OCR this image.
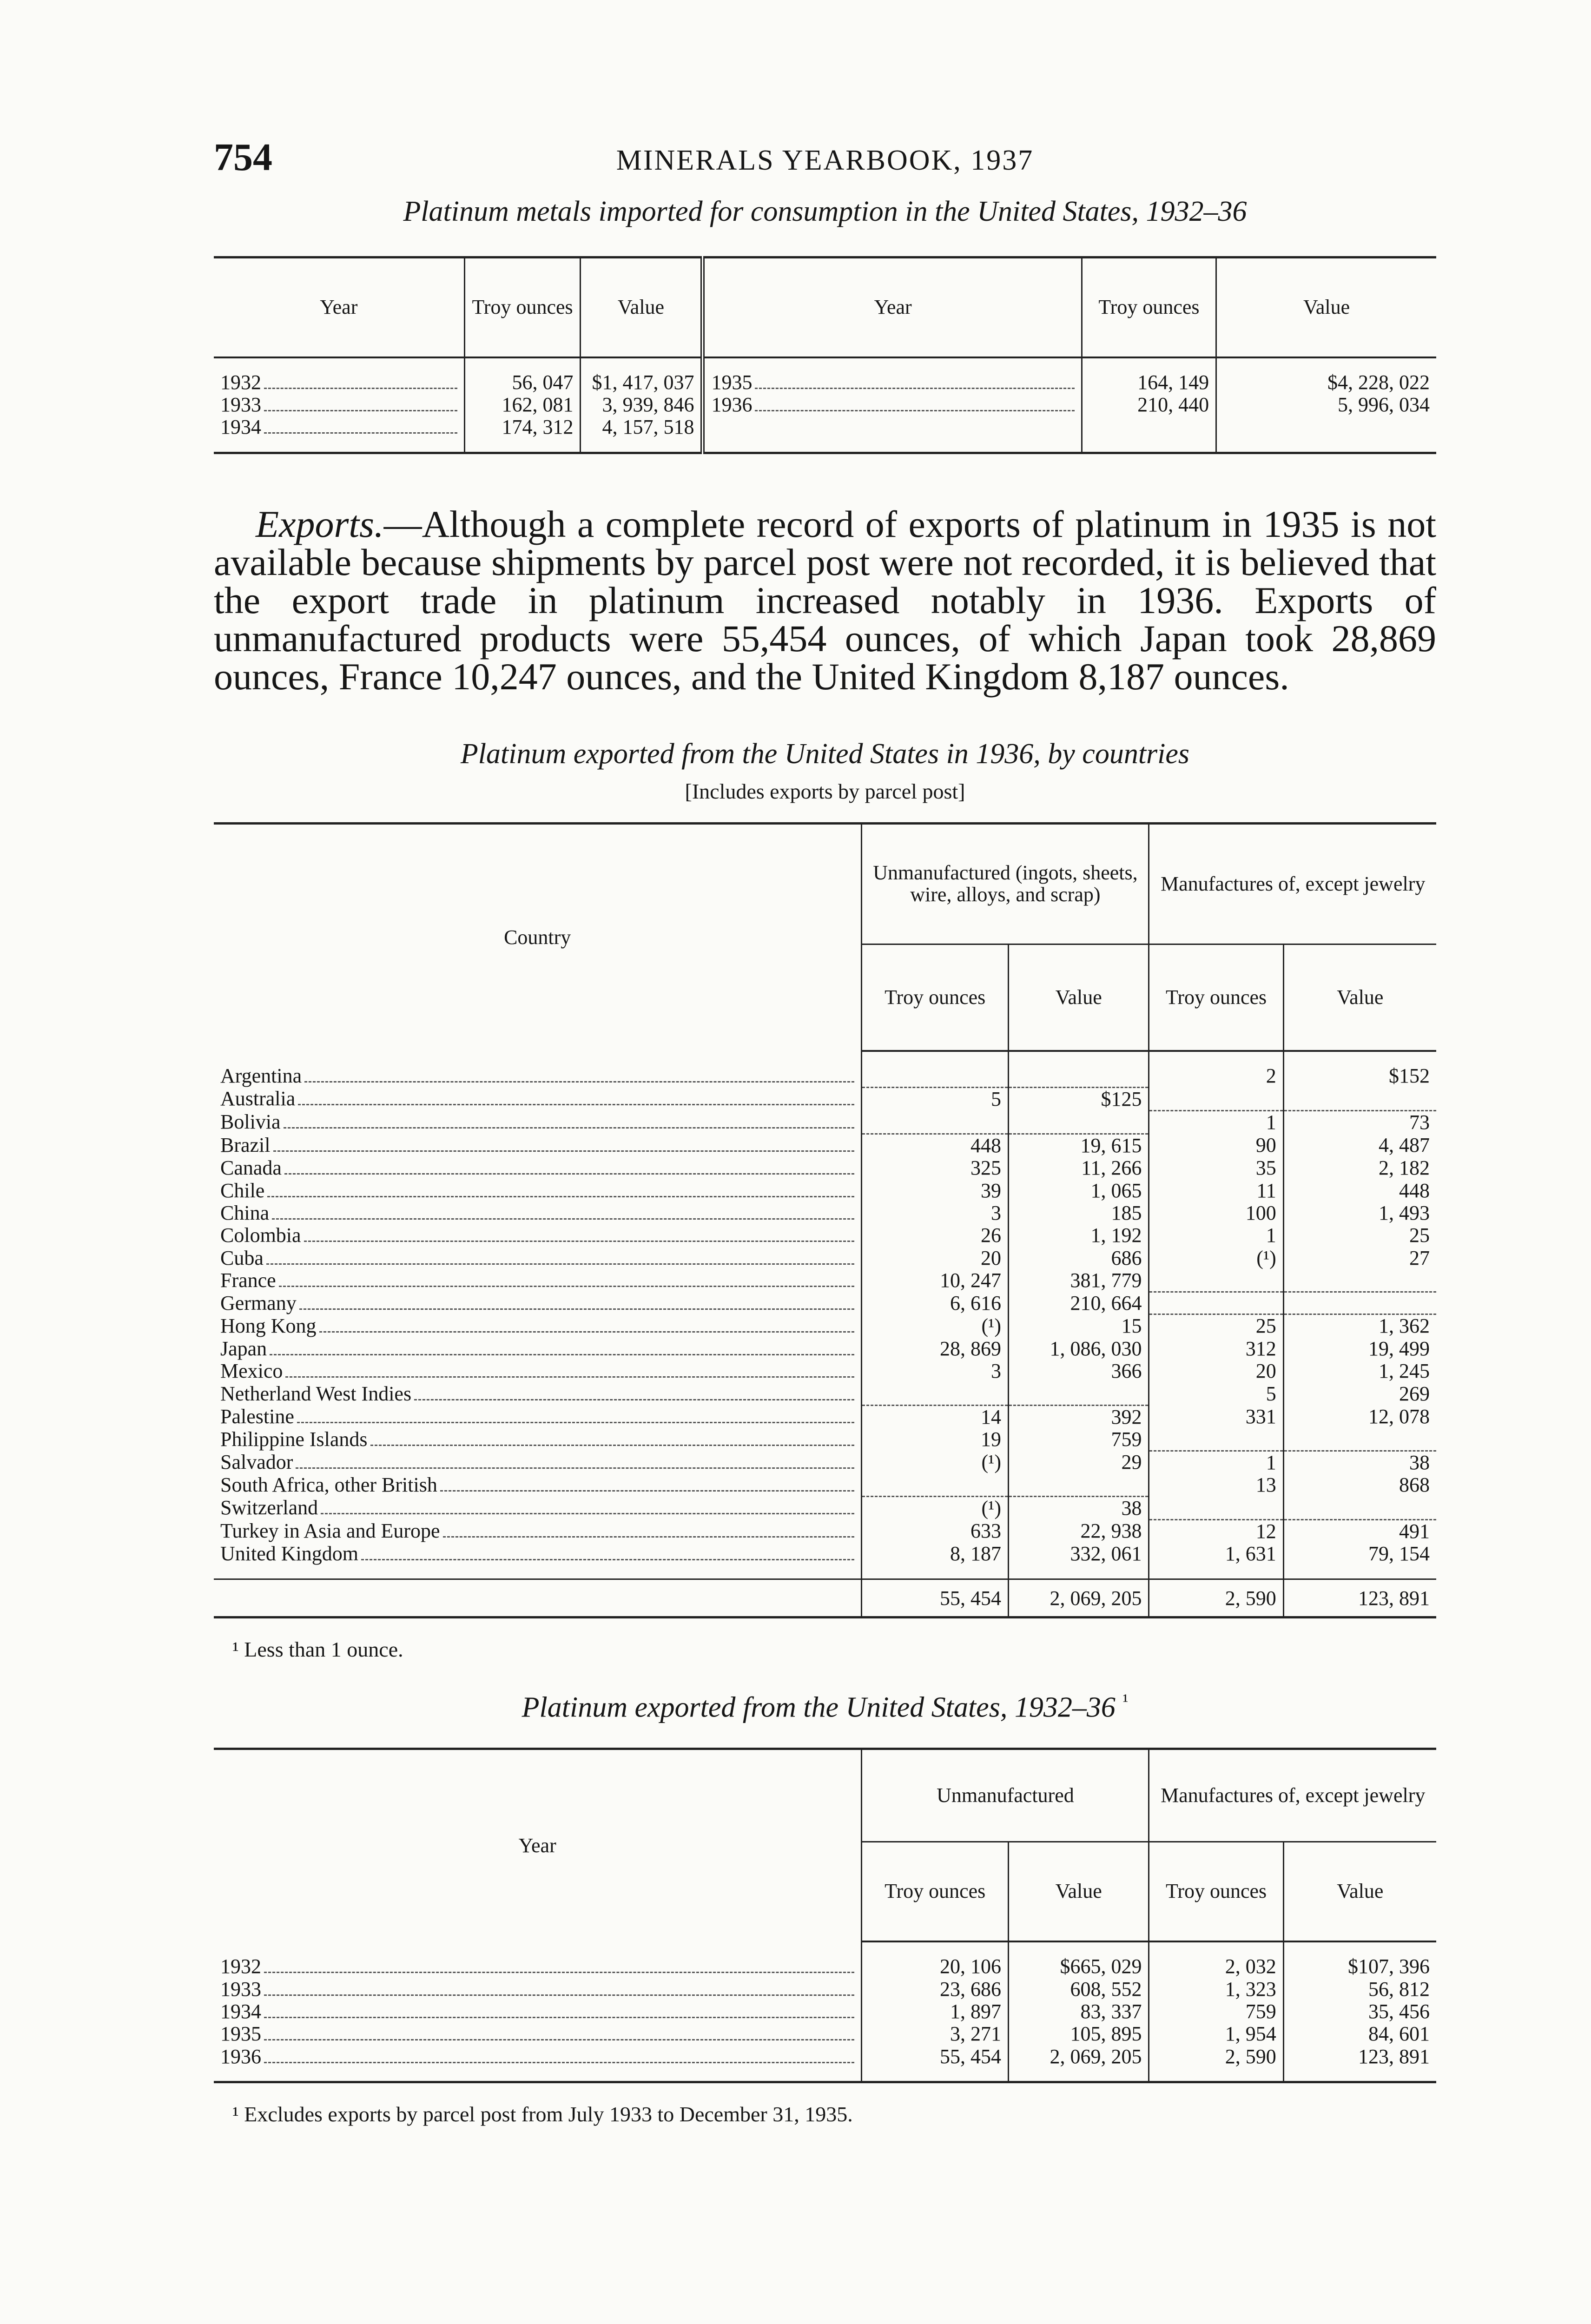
754	MINERALS YEARBOOK, 1937

Platinum metals imported for consumption in the United States, 1932–36

Year	Troy ounces	Value	Year	Troy ounces	Value

1932	56, 047	$1, 417, 037	1935	164, 149	$4, 228, 022

1933	162, 081	3, 939, 846	1936	210, 440	5, 996, 034

1934	174, 312	4, 157, 518			

Exports.—Although a complete record of exports of platinum in 1935 is not available because shipments by parcel post were not recorded, it is believed that the export trade in platinum increased notably in 1936. Exports of unmanufactured products were 55,454 ounces, of which Japan took 28,869 ounces, France 10,247 ounces, and the United Kingdom 8,187 ounces.

Platinum exported from the United States in 1936, by countries

[Includes exports by parcel post]

Country	Unmanufactured (ingots, sheets, wire, alloys, and scrap)		Manufactures of, except jewelry	
	Troy ounces	Value	Troy ounces	Value

Argentina			2	$152

Australia	5	$125		

Bolivia			1	73

Brazil	448	19, 615	90	4, 487

Canada	325	11, 266	35	2, 182

Chile	39	1, 065	11	448

China	3	185	100	1, 493

Colombia	26	1, 192	1	25

Cuba	20	686	(¹)	27

France	10, 247	381, 779		

Germany	6, 616	210, 664		

Hong Kong	(¹)	15	25	1, 362

Japan	28, 869	1, 086, 030	312	19, 499

Mexico	3	366	20	1, 245

Netherland West Indies			5	269

Palestine	14	392	331	12, 078

Philippine Islands	19	759		

Salvador	(¹)	29	1	38

South Africa, other British			13	868

Switzerland	(¹)	38		

Turkey in Asia and Europe	633	22, 938	12	491

United Kingdom	8, 187	332, 061	1, 631	79, 154

	55, 454	2, 069, 205	2, 590	123, 891

¹ Less than 1 ounce.

Platinum exported from the United States, 1932–36 $^{^1}$

Year	Unmanufactured		Manufactures of, except jewelry	
	Troy ounces	Value	Troy ounces	Value

1932	20, 106	$665, 029	2, 032	$107, 396

1933	23, 686	608, 552	1, 323	56, 812

1934	1, 897	83, 337	759	35, 456

1935	3, 271	105, 895	1, 954	84, 601

1936	55, 454	2, 069, 205	2, 590	123, 891

¹ Excludes exports by parcel post from July 1933 to December 31, 1935.
